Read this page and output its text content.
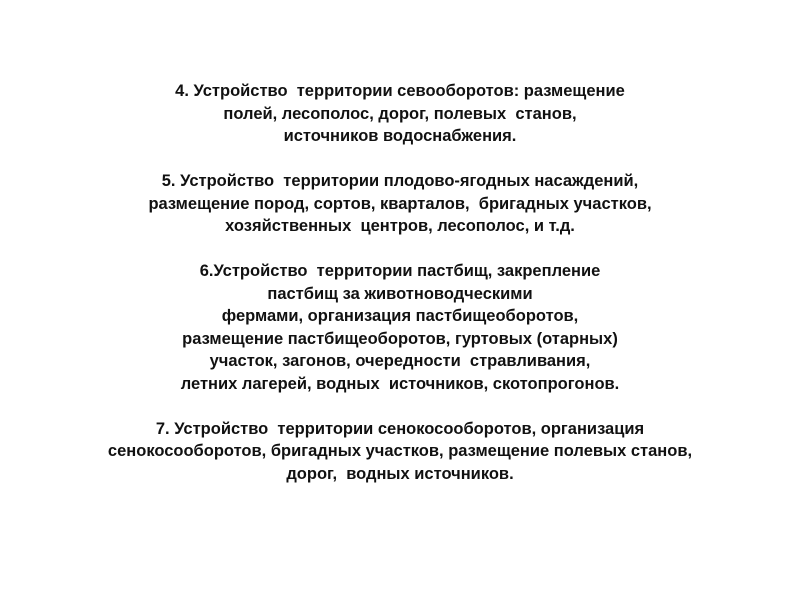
4. Устройство  территории севооборотов: размещение
полей, лесополос, дорог, полевых  станов,
источников водоснабжения.
5. Устройство  территории плодово-ягодных насаждений,
размещение пород, сортов, кварталов,  бригадных участков,
хозяйственных  центров, лесополос, и т.д.
6.Устройство  территории пастбищ, закрепление
пастбищ за животноводческими
фермами, организация пастбищеоборотов,
размещение пастбищеоборотов, гуртовых (отарных)
участок, загонов, очередности  стравливания,
летних лагерей, водных  источников, скотопрогонов.
7. Устройство  территории сенокосооборотов, организация
сенокосооборотов, бригадных участков, размещение полевых станов,
дорог,  водных источников.
